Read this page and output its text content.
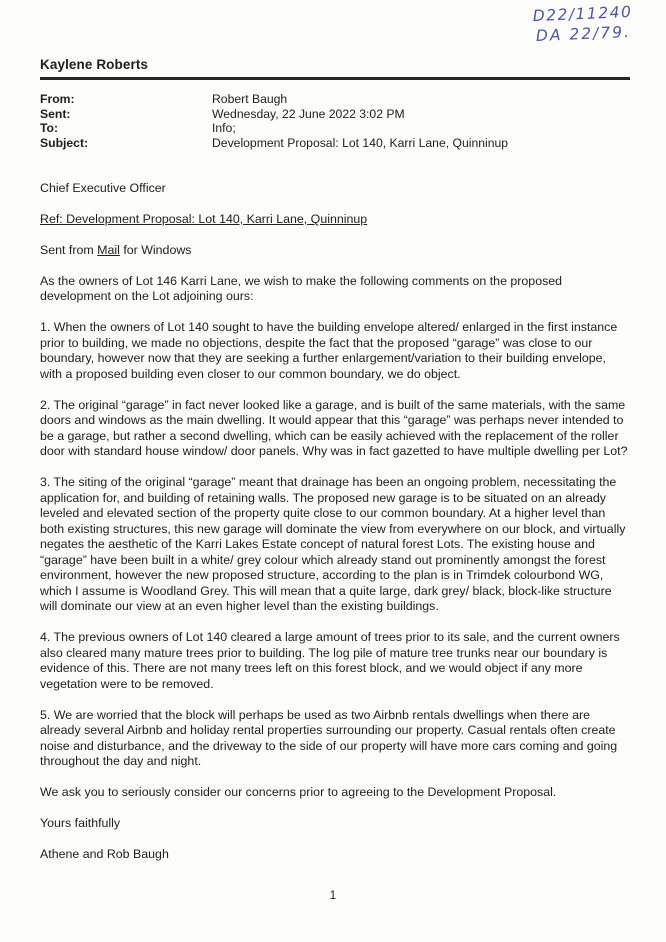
D22/11240
DA 22/79.
Kaylene Roberts
From:	Robert Baugh
Sent:	Wednesday, 22 June 2022 3:02 PM
To:	Info;
Subject:	Development Proposal: Lot 140, Karri Lane, Quinninup

Chief Executive Officer

Ref: Development Proposal: Lot 140, Karri Lane, Quinninup

Sent from Mail for Windows

As the owners of Lot 146 Karri Lane, we wish to make the following comments on the proposed development on the Lot adjoining ours:

1. When the owners of Lot 140 sought to have the building envelope altered/ enlarged in the first instance prior to building, we made no objections, despite the fact that the proposed “garage” was close to our boundary, however now that they are seeking a further enlargement/variation to their building envelope, with a proposed building even closer to our common boundary, we do object.

2. The original “garage” in fact never looked like a garage, and is built of the same materials, with the same doors and windows as the main dwelling. It would appear that this “garage” was perhaps never intended to be a garage, but rather a second dwelling, which can be easily achieved with the replacement of the roller door with standard house window/ door panels. Why was in fact gazetted to have multiple dwelling per Lot?

3. The siting of the original “garage” meant that drainage has been an ongoing problem, necessitating the application for, and building of retaining walls. The proposed new garage is to be situated on an already leveled and elevated section of the property quite close to our common boundary. At a higher level than both existing structures, this new garage will dominate the view from everywhere on our block, and virtually negates the aesthetic of the Karri Lakes Estate concept of natural forest Lots. The existing house and “garage” have been built in a white/ grey colour which already stand out prominently amongst the forest environment, however the new proposed structure, according to the plan is in Trimdek colourbond WG, which I assume is Woodland Grey. This will mean that a quite large, dark grey/ black, block-like structure will dominate our view at an even higher level than the existing buildings.

4. The previous owners of Lot 140 cleared a large amount of trees prior to its sale, and the current owners also cleared many mature trees prior to building. The log pile of mature tree trunks near our boundary is evidence of this. There are not many trees left on this forest block, and we would object if any more vegetation were to be removed.

5. We are worried that the block will perhaps be used as two Airbnb rentals dwellings when there are already several Airbnb and holiday rental properties surrounding our property. Casual rentals often create noise and disturbance, and the driveway to the side of our property will have more cars coming and going throughout the day and night.

We ask you to seriously consider our concerns prior to agreeing to the Development Proposal.

Yours faithfully

Athene and Rob Baugh

1
